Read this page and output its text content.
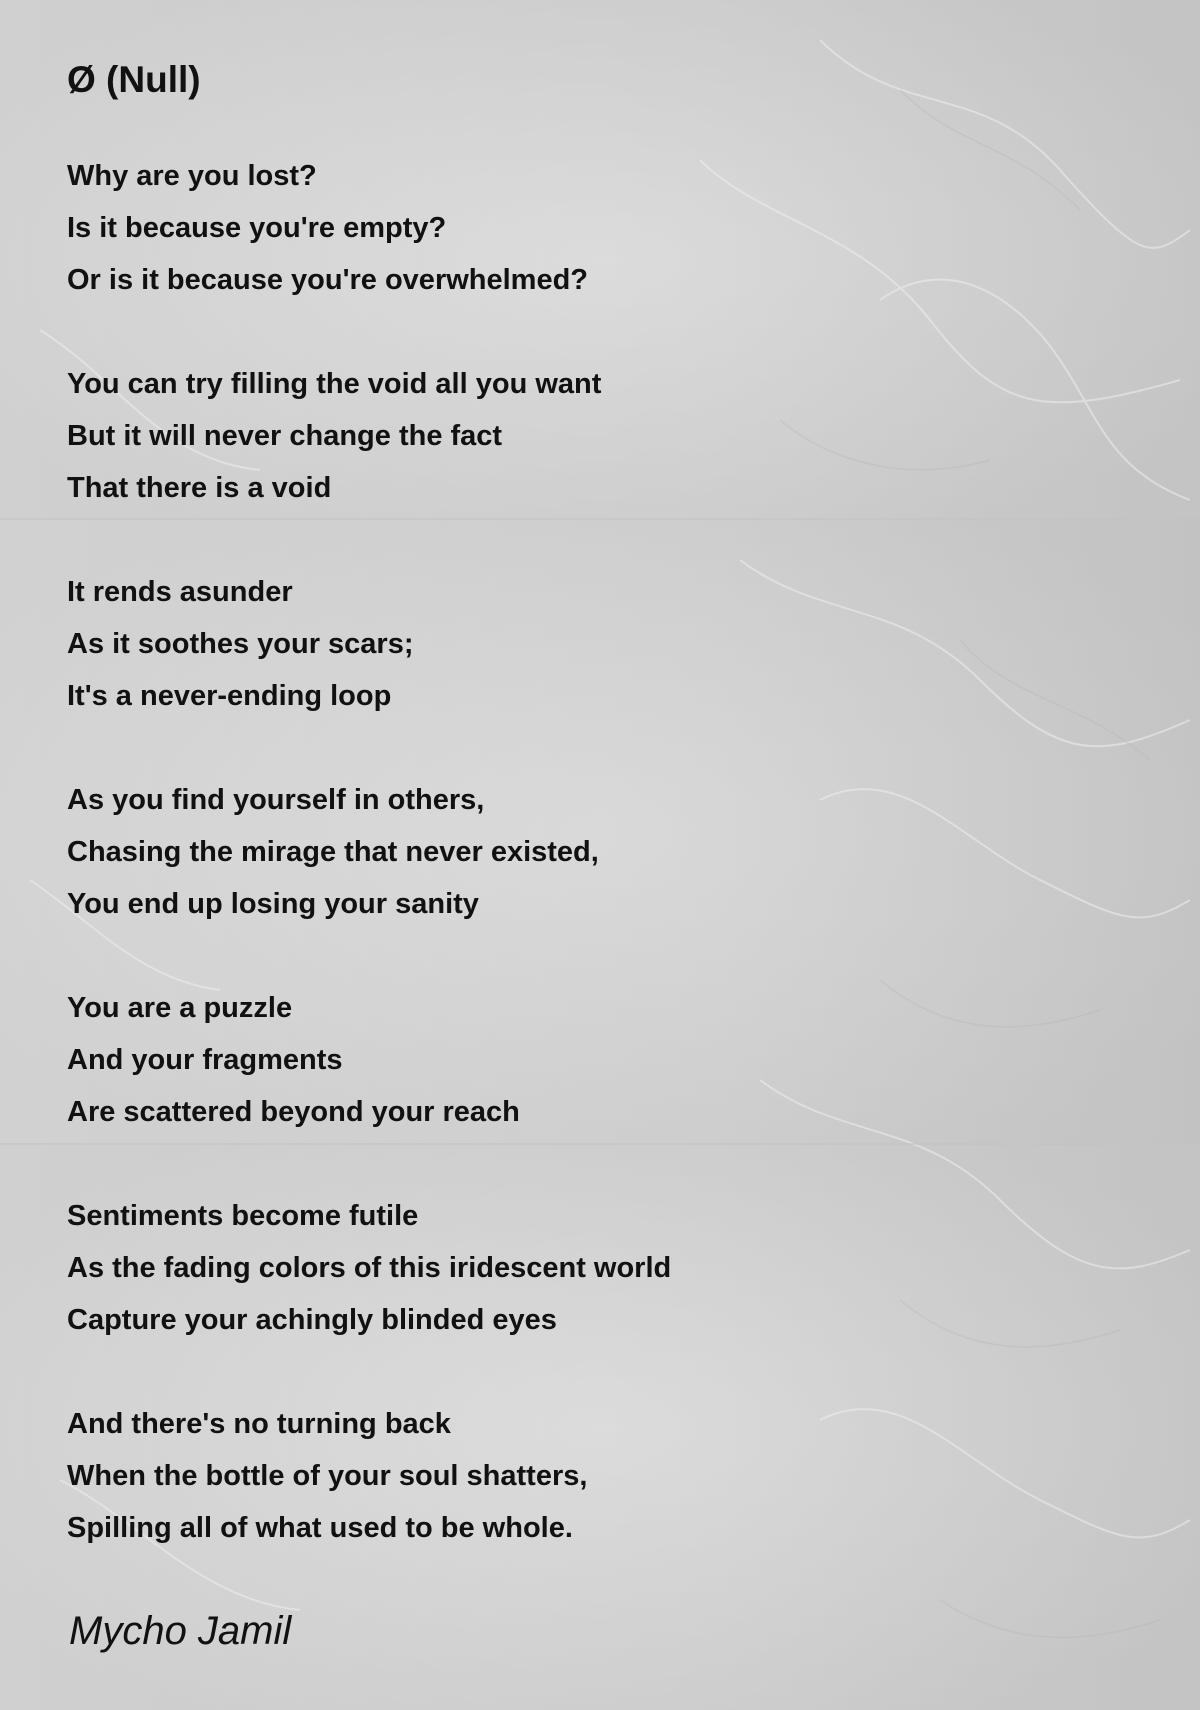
Ø (Null)
Why are you lost?
Is it because you're empty?
Or is it because you're overwhelmed?
You can try filling the void all you want
But it will never change the fact
That there is a void
It rends asunder
As it soothes your scars;
It's a never-ending loop
As you find yourself in others,
Chasing the mirage that never existed,
You end up losing your sanity
You are a puzzle
And your fragments
Are scattered beyond your reach
Sentiments become futile
As the fading colors of this iridescent world
Capture your achingly blinded eyes
And there's no turning back
When the bottle of your soul shatters,
Spilling all of what used to be whole.
Mycho Jamil
